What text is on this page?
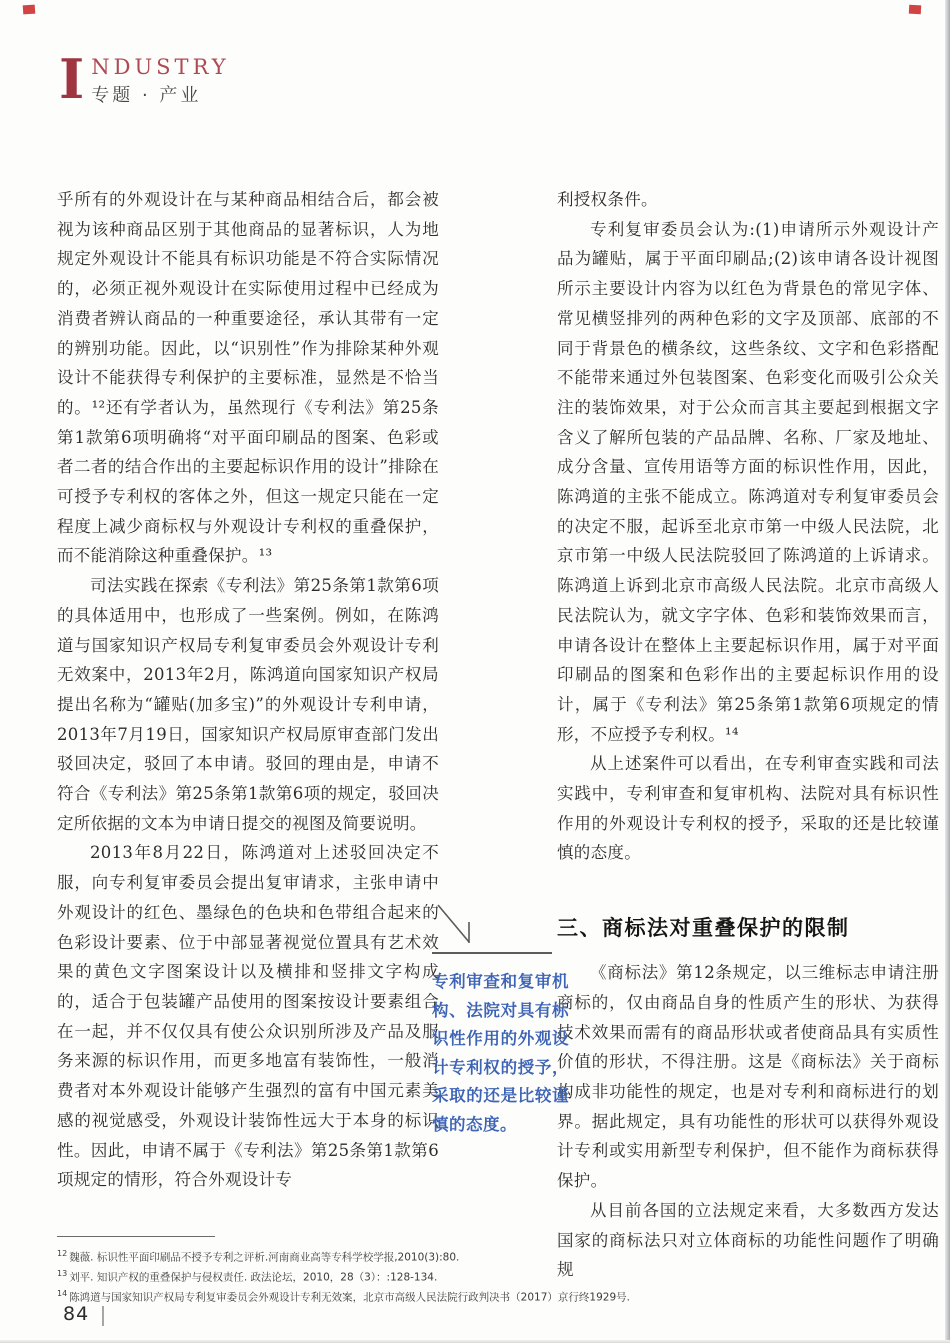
I NDUSTRY
专题 · 产业

乎所有的外观设计在与某种商品相结合后，都会被视为该种商品区别于其他商品的显著标识，人为地规定外观设计不能具有标识功能是不符合实际情况的，必须正视外观设计在实际使用过程中已经成为消费者辨认商品的一种重要途径，承认其带有一定的辨别功能。因此，以“识别性”作为排除某种外观设计不能获得专利保护的主要标准，显然是不恰当的。¹²还有学者认为，虽然现行《专利法》第25条第1款第6项明确将“对平面印刷品的图案、色彩或者二者的结合作出的主要起标识作用的设计”排除在可授予专利权的客体之外，但这一规定只能在一定程度上减少商标权与外观设计专利权的重叠保护，而不能消除这种重叠保护。¹³

司法实践在探索《专利法》第25条第1款第6项的具体适用中，也形成了一些案例。例如，在陈鸿道与国家知识产权局专利复审委员会外观设计专利无效案中，2013年2月，陈鸿道向国家知识产权局提出名称为“罐贴(加多宝)”的外观设计专利申请，2013年7月19日，国家知识产权局原审查部门发出驳回决定，驳回了本申请。驳回的理由是，申请不符合《专利法》第25条第1款第6项的规定，驳回决定所依据的文本为申请日提交的视图及简要说明。

2013年8月22日，陈鸿道对上述驳回决定不服，向专利复审委员会提出复审请求，主张申请中外观设计的红色、墨绿色的色块和色带组合起来的色彩设计要素、位于中部显著视觉位置具有艺术效果的黄色文字图案设计以及横排和竖排文字构成的，适合于包装罐产品使用的图案按设计要素组合在一起，并不仅仅具有使公众识别所涉及产品及服务来源的标识作用，而更多地富有装饰性，一般消费者对本外观设计能够产生强烈的富有中国元素美感的视觉感受，外观设计装饰性远大于本身的标识性。因此，申请不属于《专利法》第25条第1款第6项规定的情形，符合外观设计专

利授权条件。

专利复审委员会认为:(1)申请所示外观设计产品为罐贴，属于平面印刷品;(2)该申请各设计视图所示主要设计内容为以红色为背景色的常见字体、常见横竖排列的两种色彩的文字及顶部、底部的不同于背景色的横条纹，这些条纹、文字和色彩搭配不能带来通过外包装图案、色彩变化而吸引公众关注的装饰效果，对于公众而言其主要起到根据文字含义了解所包装的产品品牌、名称、厂家及地址、成分含量、宣传用语等方面的标识性作用，因此，陈鸿道的主张不能成立。陈鸿道对专利复审委员会的决定不服，起诉至北京市第一中级人民法院，北京市第一中级人民法院驳回了陈鸿道的上诉请求。陈鸿道上诉到北京市高级人民法院。北京市高级人民法院认为，就文字字体、色彩和装饰效果而言，申请各设计在整体上主要起标识作用，属于对平面印刷品的图案和色彩作出的主要起标识作用的设计，属于《专利法》第25条第1款第6项规定的情形，不应授予专利权。¹⁴

从上述案件可以看出，在专利审查实践和司法实践中，专利审查和复审机构、法院对具有标识性作用的外观设计专利权的授予，采取的还是比较谨慎的态度。

三、商标法对重叠保护的限制

《商标法》第12条规定，以三维标志申请注册商标的，仅由商品自身的性质产生的形状、为获得技术效果而需有的商品形状或者使商品具有实质性价值的形状，不得注册。这是《商标法》关于商标构成非功能性的规定，也是对专利和商标进行的划界。据此规定，具有功能性的形状可以获得外观设计专利或实用新型专利保护，但不能作为商标获得保护。

从目前各国的立法规定来看，大多数西方发达国家的商标法只对立体商标的功能性问题作了明确规

专利审查和复审机构、法院对具有标识性作用的外观设计专利权的授予，采取的还是比较谨慎的态度。
$^{12}$ 魏薇. 标识性平面印刷品不授予专利之评析.河南商业高等专科学校学报,2010(3):80.
$^{13}$ 刘平. 知识产权的重叠保护与侵权责任. 政法论坛，2010，28（3）：:128-134.
$^{14}$ 陈鸿道与国家知识产权局专利复审委员会外观设计专利无效案，北京市高级人民法院行政判决书（2017）京行终1929号.
84
